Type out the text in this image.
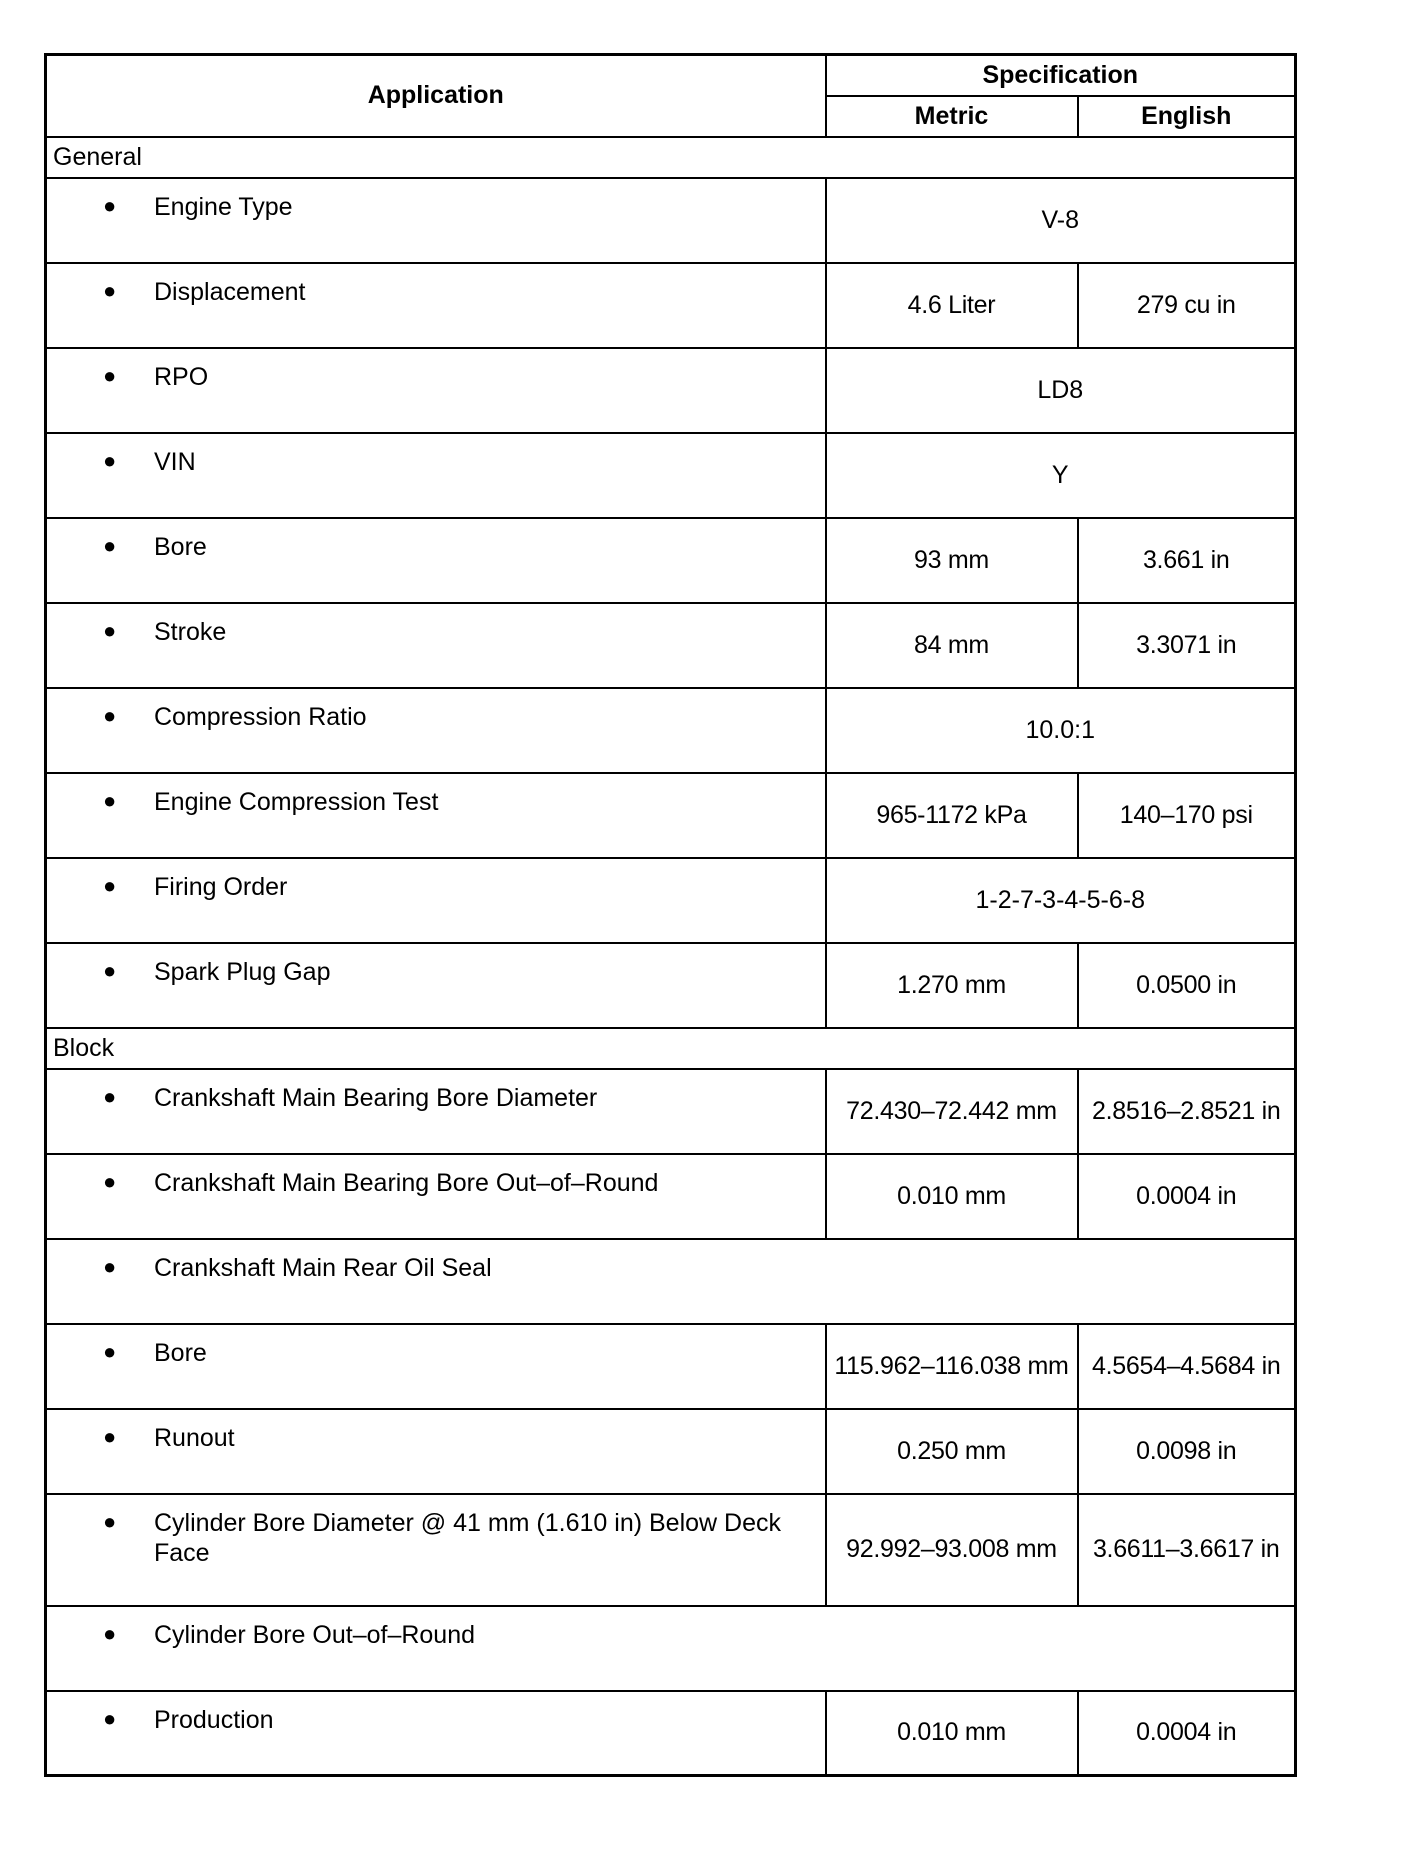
Application	Specification	
	Metric	English
General		

● Engine Type	V-8	

● Displacement	4.6 Liter	279 cu in

● RPO	LD8	

● VIN	Y	

● Bore	93 mm	3.661 in

● Stroke	84 mm	3.3071 in

● Compression Ratio	10.0:1	

● Engine Compression Test	965-1172 kPa	140–170 psi

● Firing Order	1-2-7-3-4-5-6-8	

● Spark Plug Gap	1.270 mm	0.0500 in
Block		

● Crankshaft Main Bearing Bore Diameter	72.430–72.442 mm	2.8516–2.8521 in

● Crankshaft Main Bearing Bore Out–of–Round	0.010 mm	0.0004 in

● Crankshaft Main Rear Oil Seal		

● Bore	115.962–116.038 mm	4.5654–4.5684 in

● Runout	0.250 mm	0.0098 in

● Cylinder Bore Diameter @ 41 mm (1.610 in) Below Deck Face	92.992–93.008 mm	3.6611–3.6617 in

● Cylinder Bore Out–of–Round		

● Production	0.010 mm	0.0004 in
